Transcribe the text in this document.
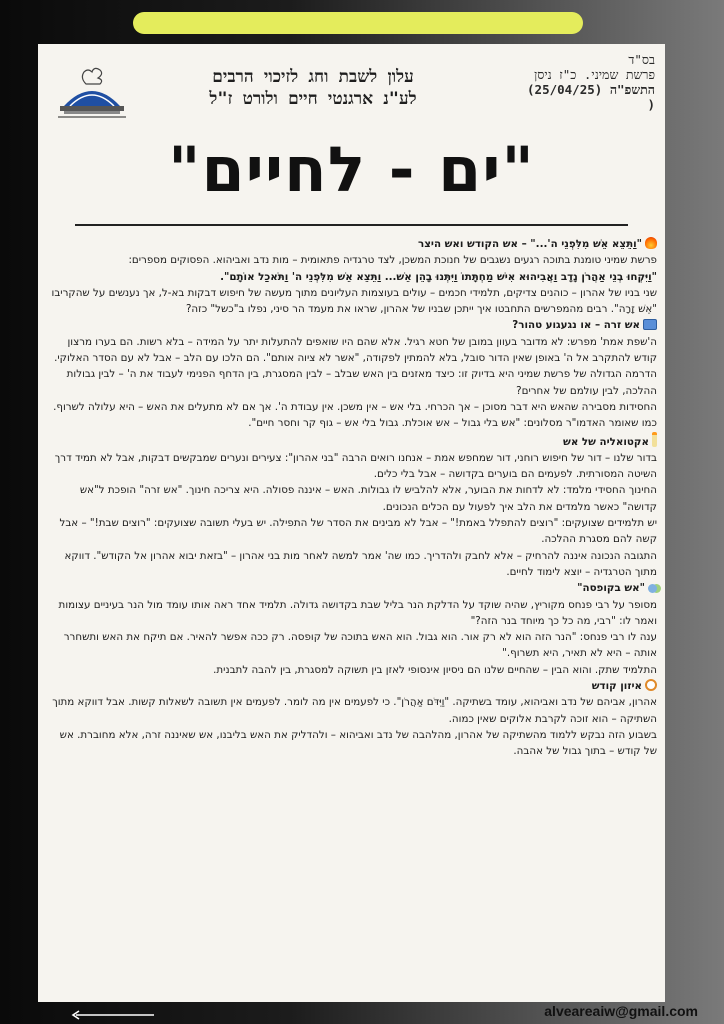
בס"ד
פרשת שמיני. כ"ז ניסן
התשפ"ה (25/04/25)
(
עלון לשבת וחג לזיכוי הרבים
לע"נ ארגנטי חיים ולורט ז"ל
"ים - לחיים"

"וַתֵּצֵא אֵשׁ מִלִּפְנֵי ה'..." – אש הקודש ואש היצר

פרשת שמיני טומנת בתוכה רגעים נשגבים של חנוכת המשכן, לצד טרגדיה פתאומית – מות נדב ואביהוא. הפסוקים מספרים:

"וַיִּקְחוּ בְנֵי אַהֲרֹן נָדָב וַאֲבִיהוּא אִישׁ מַחְתָּתוֹ וַיִּתְּנוּ בָהֵן אֵשׁ... וַתֵּצֵא אֵשׁ מִלִּפְנֵי ה' וַתֹּאכַל אוֹתָם".

שני בניו של אהרון – כוהנים צדיקים, תלמידי חכמים – עולים בעוצמות העליונים מתוך מעשה של חיפוש דבקות בא-ל, אך נענשים על שהקריבו "אֵשׁ זָרָה". רבים מהמפרשים התחבטו איך ייתכן שבניו של אהרון, שראו את מעמד הר סיני, נפלו ב"כשל" כזה?

אש זרה – או נגעגוע טהור?

ה'שפת אמת' מפרש: לא מדובר בעוון במובן של חטא רגיל. אלא שהם היו שואפים להתעלות יתר על המידה – בלא רשות. הם בערו מרצון קודש להתקרב אל ה' באופן שאין הדור סובל, בלא להמתין לפקודה, "אשר לא ציוה אותם". הם הלכו עם הלב – אבל לא עם הסדר האלוקי.

הדרמה הגדולה של פרשת שמיני היא בדיוק זו: כיצד מאזנים בין האש שבלב – לבין המסגרת, בין הדחף הפנימי לעבוד את ה' – לבין גבולות ההלכה, לבין עולמם של אחרים?

החסידות מסבירה שהאש היא דבר מסוכן – אך הכרחי. בלי אש – אין משכן. אין עבודת ה'. אך אם לא מתעלים את האש – היא עלולה לשרוף.

כמו שאומר האדמו"ר מסלונים: "אש בלי גבול – אש אוכלת. גבול בלי אש – גוף קר וחסר חיים".

אקטואליה של אש

בדור שלנו – דור של חיפוש רוחני, דור שמחפש אמת – אנחנו רואים הרבה "בני אהרון": צעירים ונערים שמבקשים דבקות, אבל לא תמיד דרך השיטה המסורתית. לפעמים הם בוערים בקדושה – אבל בלי כלים.

החינוך החסידי מלמד: לא לדחות את הבוער, אלא להלביש לו גבולות. האש – איננה פסולה. היא צריכה חינוך. "אש זרה" הופכת ל"אש קדושה" כאשר מלמדים את הלב איך לפעול עם הכלים הנכונים.

יש תלמידים שצועקים: "רוצים להתפלל באמת!" – אבל לא מבינים את הסדר של התפילה. יש בעלי תשובה שצועקים: "רוצים שבת!" – אבל קשה להם מסגרת ההלכה.

התגובה הנכונה איננה להרחיק – אלא לחבק ולהדריך. כמו שה' אמר למשה לאחר מות בני אהרון – "בזאת יבוא אהרון אל הקודש". דווקא מתוך הטרגדיה – יוצא לימוד לחיים.

"אש בקופסה"

מסופר על רבי פנחס מקוריץ, שהיה שוקד על הדלקת הנר בליל שבת בקדושה גדולה. תלמיד אחד ראה אותו עומד מול הנר בעיניים עצומות ואמר לו: "רבי, מה כל כך מיוחד בנר הזה?"

ענה לו רבי פנחס: "הנר הזה הוא לא רק אור. הוא גבול. הוא האש בתוכה של קופסה. רק ככה אפשר להאיר. אם תיקח את האש ותשחרר אותה – היא לא תאיר, היא תשרוף."

התלמיד שתק. והוא הבין – שהחיים שלנו הם ניסיון אינסופי לאזן בין תשוקה למסגרת, בין להבה לתבנית.

איזון קודש

אהרון, אביהם של נדב ואביהוא, עומד בשתיקה. "וַיִּדֹּם אַהֲרֹן". כי לפעמים אין מה לומר. לפעמים אין תשובה לשאלות קשות. אבל דווקא מתוך השתיקה – הוא זוכה לקרבת אלוקים שאין כמוה.

בשבוע הזה נבקש ללמוד מהשתיקה של אהרון, מהלהבה של נדב ואביהוא – ולהדליק את האש בליבנו, אש שאיננה זרה, אלא מחוברת. אש של קודש – בתוך גבול של אהבה.

alveareaiw@gmail.com
